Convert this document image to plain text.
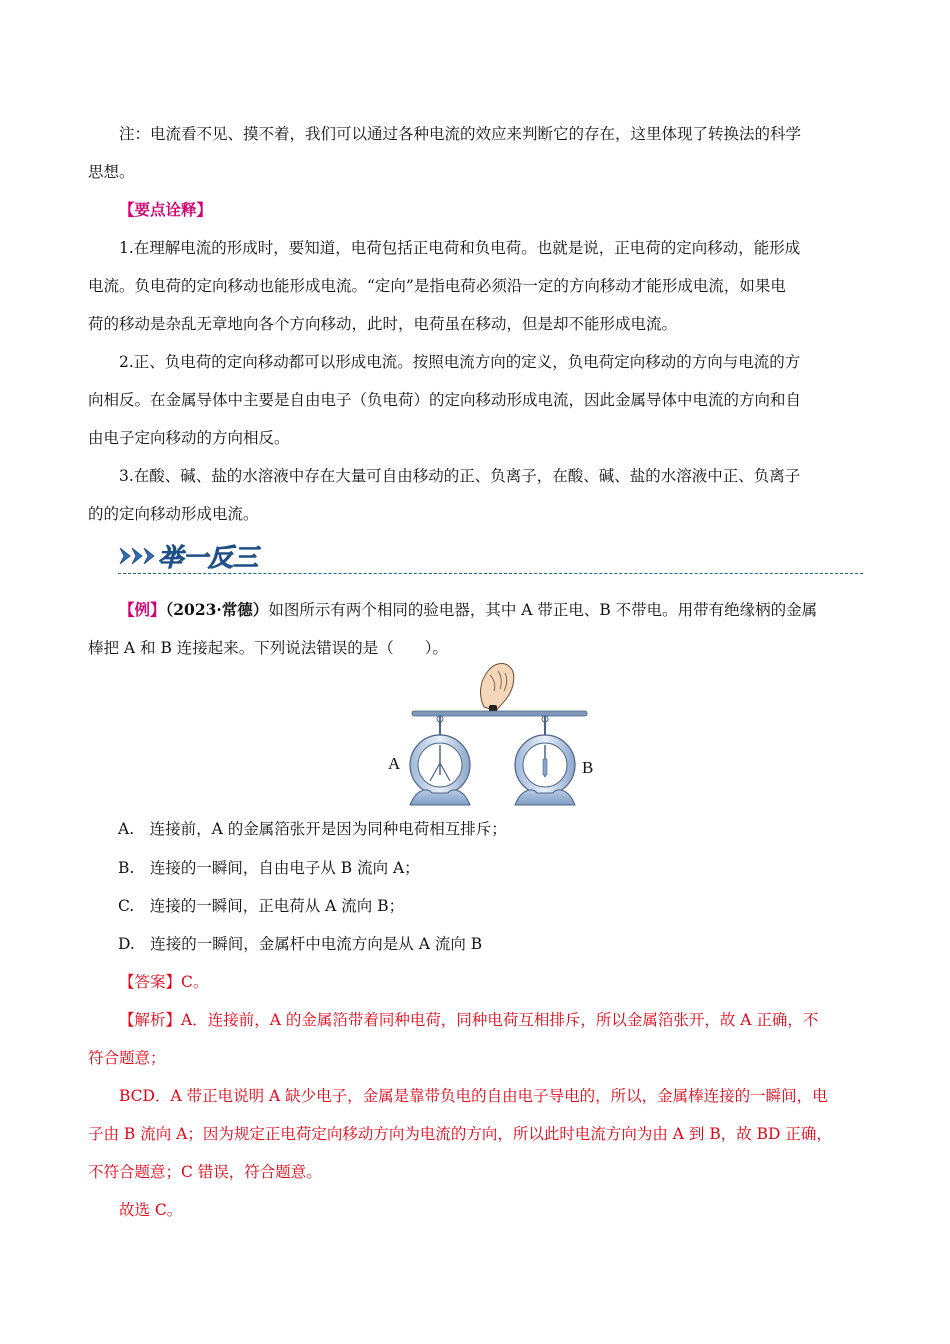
注：电流看不见、摸不着，我们可以通过各种电流的效应来判断它的存在，这里体现了转换法的科学
思想。

【要点诠释】

1.在理解电流的形成时，要知道，电荷包括正电荷和负电荷。也就是说，正电荷的定向移动，能形成
电流。负电荷的定向移动也能形成电流。“定向”是指电荷必须沿一定的方向移动才能形成电流，如果电
荷的移动是杂乱无章地向各个方向移动，此时，电荷虽在移动，但是却不能形成电流。

2.正、负电荷的定向移动都可以形成电流。按照电流方向的定义，负电荷定向移动的方向与电流的方
向相反。在金属导体中主要是自由电子（负电荷）的定向移动形成电流，因此金属导体中电流的方向和自
由电子定向移动的方向相反。

3.在酸、碱、盐的水溶液中存在大量可自由移动的正、负离子，在酸、碱、盐的水溶液中正、负离子
的的定向移动形成电流。

举一反三

【例】（2023·常德）如图所示有两个相同的验电器，其中 A 带正电、B 不带电。用带有绝缘柄的金属
棒把 A 和 B 连接起来。下列说法错误的是（　　）。

A	B

A.　连接前，A 的金属箔张开是因为同种电荷相互排斥；

B.　连接的一瞬间，自由电子从 B 流向 A；

C.　连接的一瞬间，正电荷从 A 流向 B；

D.　连接的一瞬间，金属杆中电流方向是从 A 流向 B

【答案】C。

【解析】A．连接前，A 的金属箔带着同种电荷，同种电荷互相排斥，所以金属箔张开，故 A 正确，不
符合题意；
BCD．A 带正电说明 A 缺少电子，金属是靠带负电的自由电子导电的，所以，金属棒连接的一瞬间，电
子由 B 流向 A；因为规定正电荷定向移动方向为电流的方向，所以此时电流方向为由 A 到 B，故 BD 正确，
不符合题意；C 错误，符合题意。
故选 C。
